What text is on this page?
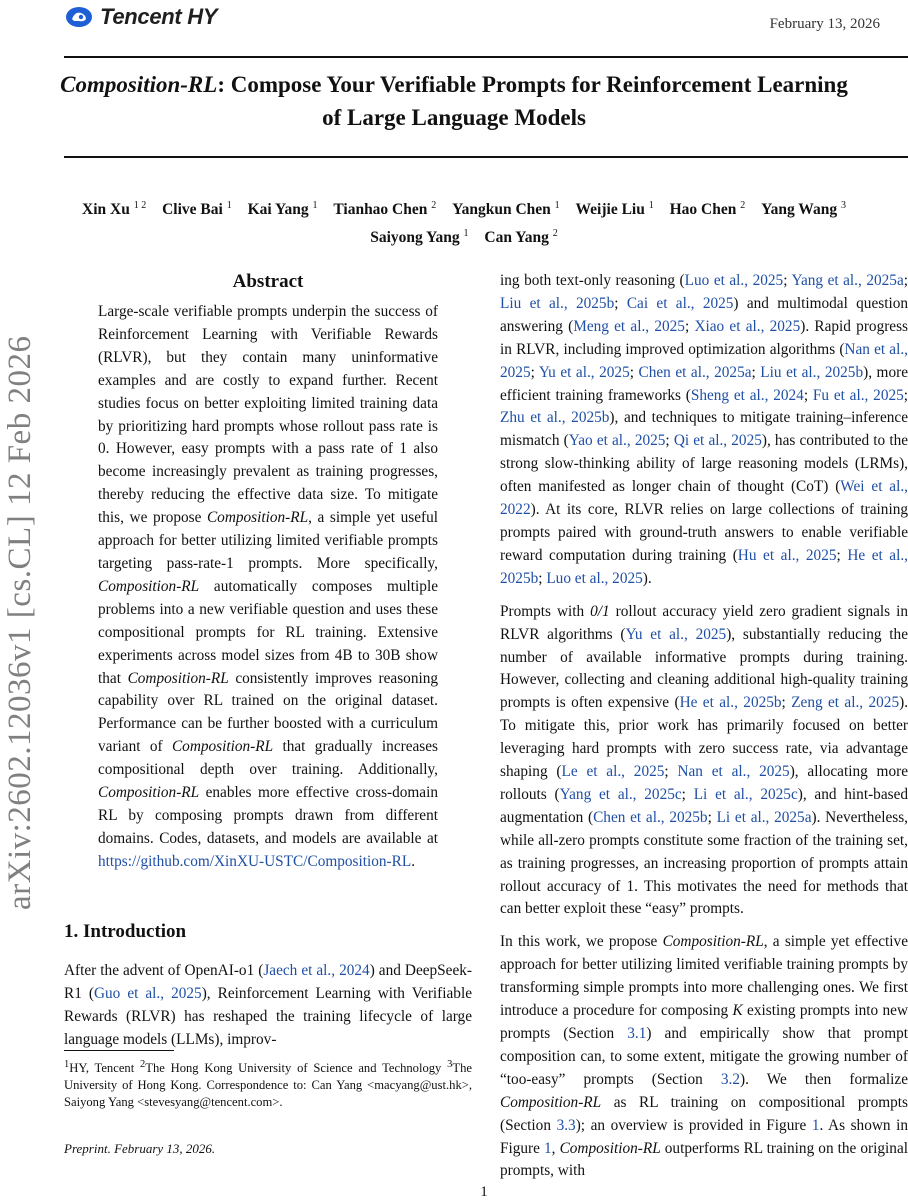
Tencent HY	February 13, 2026
Composition-RL: Compose Your Verifiable Prompts for Reinforcement Learning of Large Language Models
Xin Xu $^{1 2}$ Clive Bai $^1$ Kai Yang $^1$ Tianhao Chen $^2$ Yangkun Chen $^1$ Weijie Liu $^1$ Hao Chen $^2$ Yang Wang $^3$
Saiyong Yang $^1$ Can Yang $^2$
arXiv:2602.12036v1 [cs.CL] 12 Feb 2026
Abstract
Large-scale verifiable prompts underpin the success of Reinforcement Learning with Verifiable Rewards (RLVR), but they contain many uninformative examples and are costly to expand further. Recent studies focus on better exploiting limited training data by prioritizing hard prompts whose rollout pass rate is 0. However, easy prompts with a pass rate of 1 also become increasingly prevalent as training progresses, thereby reducing the effective data size. To mitigate this, we propose Composition-RL, a simple yet useful approach for better utilizing limited verifiable prompts targeting pass-rate-1 prompts. More specifically, Composition-RL automatically composes multiple problems into a new verifiable question and uses these compositional prompts for RL training. Extensive experiments across model sizes from 4B to 30B show that Composition-RL consistently improves reasoning capability over RL trained on the original dataset. Performance can be further boosted with a curriculum variant of Composition-RL that gradually increases compositional depth over training. Additionally, Composition-RL enables more effective cross-domain RL by composing prompts drawn from different domains. Codes, datasets, and models are available at https://github.com/XinXU-USTC/Composition-RL.
1. Introduction
After the advent of OpenAI-o1 (Jaech et al., 2024) and DeepSeek-R1 (Guo et al., 2025), Reinforcement Learning with Verifiable Rewards (RLVR) has reshaped the training lifecycle of large language models (LLMs), improv-
$^1$HY, Tencent $^2$The Hong Kong University of Science and Technology $^3$The University of Hong Kong. Correspondence to: Can Yang <macyang@ust.hk>, Saiyong Yang <stevesyang@tencent.com>.
Preprint. February 13, 2026.

ing both text-only reasoning (Luo et al., 2025; Yang et al., 2025a; Liu et al., 2025b; Cai et al., 2025) and multimodal question answering (Meng et al., 2025; Xiao et al., 2025). Rapid progress in RLVR, including improved optimization algorithms (Nan et al., 2025; Yu et al., 2025; Chen et al., 2025a; Liu et al., 2025b), more efficient training frameworks (Sheng et al., 2024; Fu et al., 2025; Zhu et al., 2025b), and techniques to mitigate training–inference mismatch (Yao et al., 2025; Qi et al., 2025), has contributed to the strong slow-thinking ability of large reasoning models (LRMs), often manifested as longer chain of thought (CoT) (Wei et al., 2022). At its core, RLVR relies on large collections of training prompts paired with ground-truth answers to enable verifiable reward computation during training (Hu et al., 2025; He et al., 2025b; Luo et al., 2025).

Prompts with 0/1 rollout accuracy yield zero gradient signals in RLVR algorithms (Yu et al., 2025), substantially reducing the number of available informative prompts during training. However, collecting and cleaning additional high-quality training prompts is often expensive (He et al., 2025b; Zeng et al., 2025). To mitigate this, prior work has primarily focused on better leveraging hard prompts with zero success rate, via advantage shaping (Le et al., 2025; Nan et al., 2025), allocating more rollouts (Yang et al., 2025c; Li et al., 2025c), and hint-based augmentation (Chen et al., 2025b; Li et al., 2025a). Nevertheless, while all-zero prompts constitute some fraction of the training set, as training progresses, an increasing proportion of prompts attain rollout accuracy of 1. This motivates the need for methods that can better exploit these “easy” prompts.

In this work, we propose Composition-RL, a simple yet effective approach for better utilizing limited verifiable training prompts by transforming simple prompts into more challenging ones. We first introduce a procedure for composing K existing prompts into new prompts (Section 3.1) and empirically show that prompt composition can, to some extent, mitigate the growing number of “too-easy” prompts (Section 3.2). We then formalize Composition-RL as RL training on compositional prompts (Section 3.3); an overview is provided in Figure 1. As shown in Figure 1, Composition-RL outperforms RL training on the original prompts, with

1
